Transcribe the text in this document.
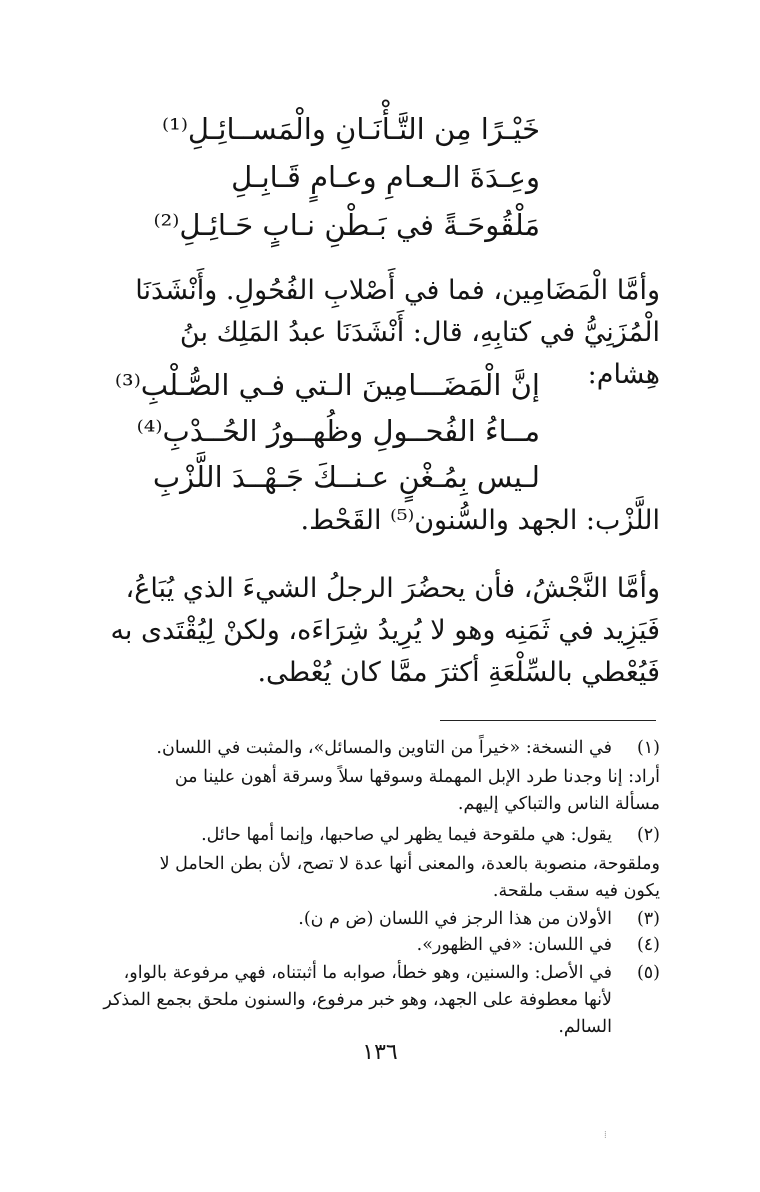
خَيْـرًا مِن التَّـأْنَـانِ والْمَســائِـلِ⁽¹⁾
وعِـدَةَ الـعـامِ وعـامٍ قَـابِـلِ
مَلْقُوحَـةً في بَـطْنِ نـابٍ حَـائِـلِ⁽²⁾
وأمَّا الْمَضَامِين، فما في أَصْلابِ الفُحُولِ. وأَنْشَدَنَا الْمُزَنِيُّ في كتابِهِ، قال: أَنْشَدَنَا عبدُ المَلِك بنُ هِشام:
إنَّ الْمَضَـــامِينَ الـتي فـي الصُّـلْبِ⁽³⁾
مــاءُ الفُحــولِ وظُهــورُ الحُــدْبِ⁽⁴⁾
لـيس بِمُـغْنٍ عـنــكَ جَـهْــدَ اللَّزْبِ
اللَّزْب: الجهد والسُّنون⁽⁵⁾ القَحْط.
وأمَّا النَّجْشُ، فأن يحضُرَ الرجلُ الشيءَ الذي يُبَاعُ، فَيَزِيد في ثَمَنِه وهو لا يُرِيدُ شِرَاءَه، ولكنْ لِيُقْتَدى به فَيُعْطي بالسِّلْعَةِ أكثرَ ممَّا كان يُعْطى.
(١)
في النسخة: «خيراً من التاوين والمسائل»، والمثبت في اللسان.
أراد: إنا وجدنا طرد الإبل المهملة وسوقها سلاً وسرقة أهون علينا من مسألة الناس والتباكي إليهم.
(٢)
يقول: هي ملقوحة فيما يظهر لي صاحبها، وإنما أمها حائل.
وملقوحة، منصوبة بالعدة، والمعنى أنها عدة لا تصح، لأن بطن الحامل لا يكون فيه سقب ملقحة.
(٣)
الأولان من هذا الرجز في اللسان (ض م ن).
(٤)
في اللسان: «في الظهور».
(٥)
في الأصل: والسنين، وهو خطأ، صوابه ما أثبتناه، فهي مرفوعة بالواو، لأنها معطوفة على الجهد، وهو خبر مرفوع، والسنون ملحق بجمع المذكر السالم.
١٣٦
⁞
